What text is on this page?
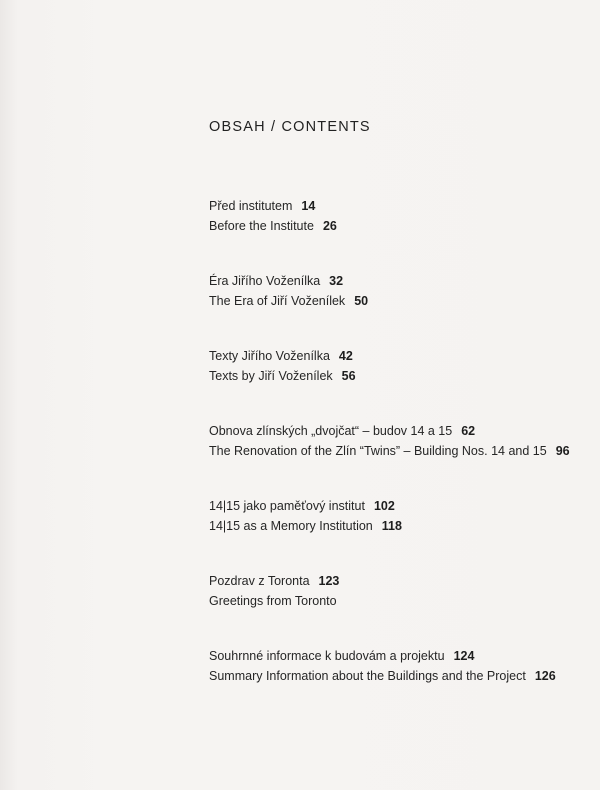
OBSAH / CONTENTS
Před institutem 14
Before the Institute 26
Éra Jiřího Voženílka 32
The Era of Jiří Voženílek 50
Texty Jiřího Voženílka 42
Texts by Jiří Voženílek 56
Obnova zlínských „dvojčat“ – budov 14 a 15 62
The Renovation of the Zlín “Twins” – Building Nos. 14 and 15 96
14|15 jako paměťový institut 102
14|15 as a Memory Institution 118
Pozdrav z Toronta 123
Greetings from Toronto
Souhrnné informace k budovám a projektu 124
Summary Information about the Buildings and the Project 126
